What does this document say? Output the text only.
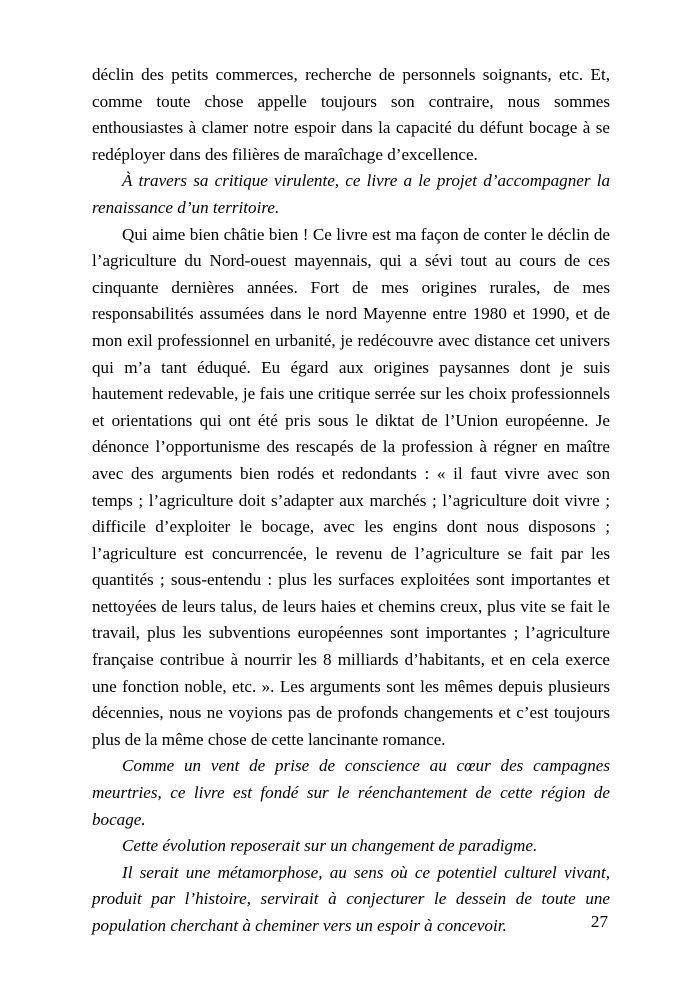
déclin des petits commerces, recherche de personnels soignants, etc. Et, comme toute chose appelle toujours son contraire, nous sommes enthousiastes à clamer notre espoir dans la capacité du défunt bocage à se redéployer dans des filières de maraîchage d’excellence.

À travers sa critique virulente, ce livre a le projet d’accompagner la renaissance d’un territoire.

Qui aime bien châtie bien ! Ce livre est ma façon de conter le déclin de l’agriculture du Nord-ouest mayennais, qui a sévi tout au cours de ces cinquante dernières années. Fort de mes origines rurales, de mes responsabilités assumées dans le nord Mayenne entre 1980 et 1990, et de mon exil professionnel en urbanité, je redécouvre avec distance cet univers qui m’a tant éduqué. Eu égard aux origines paysannes dont je suis hautement redevable, je fais une critique serrée sur les choix professionnels et orientations qui ont été pris sous le diktat de l’Union européenne. Je dénonce l’opportunisme des rescapés de la profession à régner en maître avec des arguments bien rodés et redondants : « il faut vivre avec son temps ; l’agriculture doit s’adapter aux marchés ; l’agriculture doit vivre ; difficile d’exploiter le bocage, avec les engins dont nous disposons ; l’agriculture est concurrencée, le revenu de l’agriculture se fait par les quantités ; sous-entendu : plus les surfaces exploitées sont importantes et nettoyées de leurs talus, de leurs haies et chemins creux, plus vite se fait le travail, plus les subventions européennes sont importantes ; l’agriculture française contribue à nourrir les 8 milliards d’habitants, et en cela exerce une fonction noble, etc. ». Les arguments sont les mêmes depuis plusieurs décennies, nous ne voyions pas de profonds changements et c’est toujours plus de la même chose de cette lancinante romance.

Comme un vent de prise de conscience au cœur des campagnes meurtries, ce livre est fondé sur le réenchantement de cette région de bocage.

Cette évolution reposerait sur un changement de paradigme.

Il serait une métamorphose, au sens où ce potentiel culturel vivant, produit par l’histoire, servirait à conjecturer le dessein de toute une population cherchant à cheminer vers un espoir à concevoir.	27
